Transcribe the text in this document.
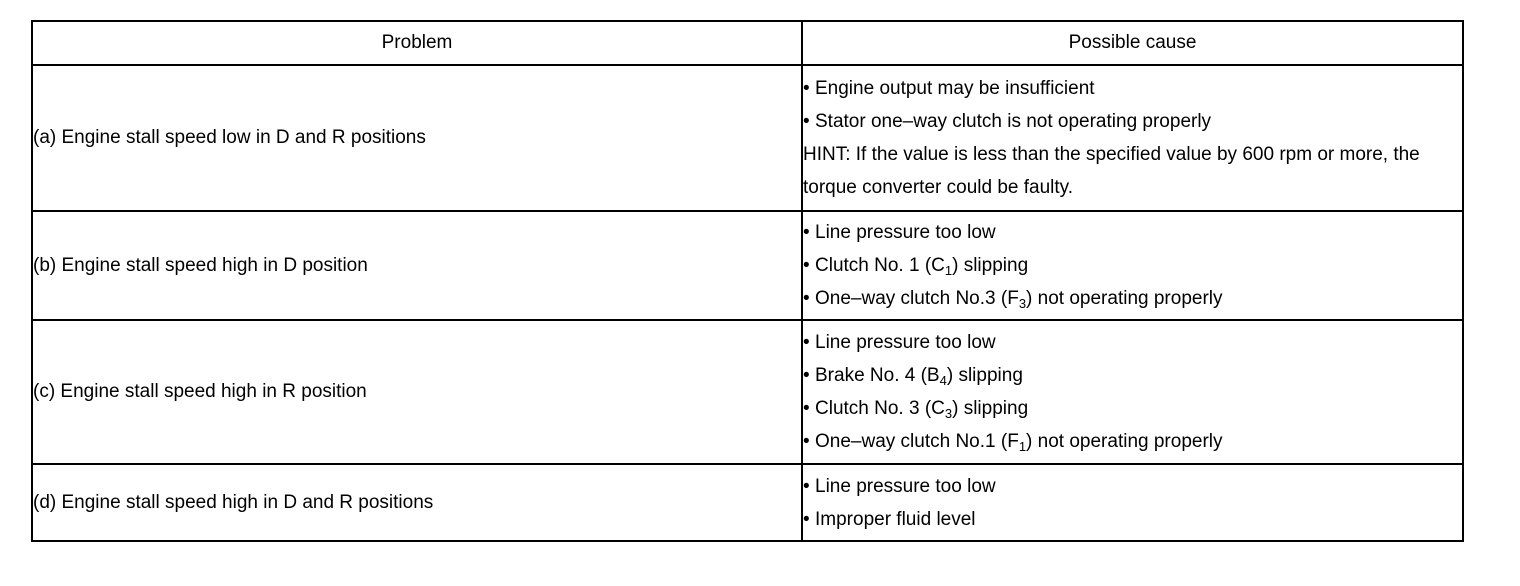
Problem	Possible cause
(a) Engine stall speed low in D and R positions	• Engine output may be insufficient
• Stator one–way clutch is not operating properly
HINT: If the value is less than the specified value by 600 rpm or more, the torque converter could be faulty.

(b) Engine stall speed high in D position	• Line pressure too low
• Clutch No. 1 $(C_1)$ slipping
• One–way clutch No.3 $(F_3)$ not operating properly

(c) Engine stall speed high in R position	• Line pressure too low
• Brake No. 4 $(B_4)$ slipping
• Clutch No. 3 $(C_3)$ slipping
• One–way clutch No.1 $(F_1)$ not operating properly

(d) Engine stall speed high in D and R positions	• Line pressure too low
• Improper fluid level
